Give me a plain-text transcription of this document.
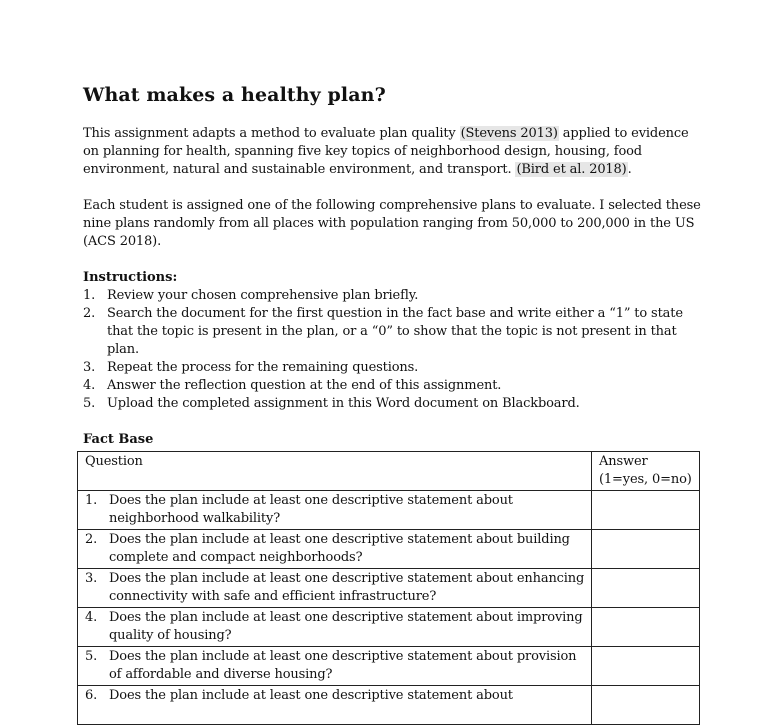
What makes a healthy plan?

This assignment adapts a method to evaluate plan quality (Stevens 2013) applied to evidence on planning for health, spanning five key topics of neighborhood design, housing, food environment, natural and sustainable environment, and transport. (Bird et al. 2018).

Each student is assigned one of the following comprehensive plans to evaluate. I selected these nine plans randomly from all places with population ranging from 50,000 to 200,000 in the US (ACS 2018).

Instructions:

1. Review your chosen comprehensive plan briefly.
2. Search the document for the first question in the fact base and write either a “1” to state that the topic is present in the plan, or a “0” to show that the topic is not present in that plan.
3. Repeat the process for the remaining questions.
4. Answer the reflection question at the end of this assignment.
5. Upload the completed assignment in this Word document on Blackboard.

Fact Base

Question	Answer (1=yes, 0=no)

1. Does the plan include at least one descriptive statement about neighborhood walkability?	

2. Does the plan include at least one descriptive statement about building complete and compact neighborhoods?	

3. Does the plan include at least one descriptive statement about enhancing connectivity with safe and efficient infrastructure?	

4. Does the plan include at least one descriptive statement about improving quality of housing?	

5. Does the plan include at least one descriptive statement about provision of affordable and diverse housing?	

6. Does the plan include at least one descriptive statement about	
